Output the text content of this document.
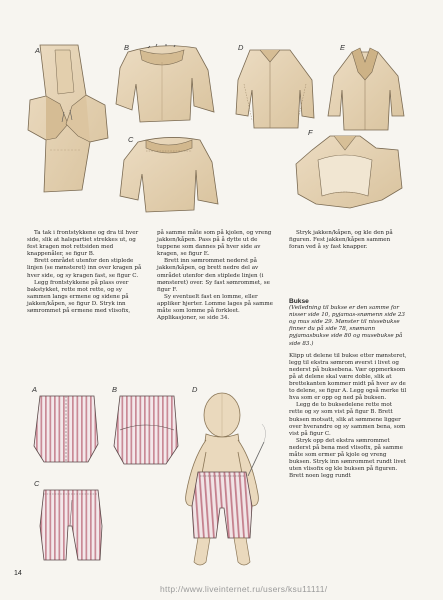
A	B
C
D	E
F
A	B
C
D

Ta tak i frontstykkene og dra til hver side, slik at halspartiet strekkes ut, og fest kragen mot rettsiden med knappenåler, se figur B.

Brett området utenfor den stiplede linjen (se mønsteret) inn over kragen på hver side, og sy kragen fast, se figur C.

Legg frontstykkene på plass over bakstykket, rette mot rette, og sy sammen langs ermene og sidene på jakken/kåpen, se figur D. Stryk inn sømrommet på ermene med vlisofix,

på samme måte som på kjolen, og vreng jakken/kåpen. Pass på å dytte ut de tuppene som dannes på hver side av kragen, se figur E.

Brett inn sømrommet nederst på jakken/kåpen, og brett nedre del av området utenfor den stiplede linjen (i mønsteret) over. Sy fast sømrommet, se figur F.

Sy eventuelt fast en lomme, eller appliker hjerter. Lomme lages på samme måte som lomme på forkleet. Applikasjoner, se side 34.

Stryk jakken/kåpen, og kle den på figuren. Fest jakken/kåpen sammen foran ved å sy fast knapper.

Bukse

(Veiledning til bukse er den samme for nisser side 10, pyjamas-snømenn side 23 og mus side 29. Mønster til nissebukse finner du på side 78, snømann pyjamasbukse side 80 og musebukse på side 83.)

Klipp ut delene til bukse etter mønsteret, legg til ekstra sømrom øverst i livet og nederst på buksebena. Vær oppmerksom på at delene skal være doble, slik at brettekanten kommer midt på hver av de to delene, se figur A. Legg også merke til hva som er opp og ned på buksen.

Legg de to buksedelene rette mot rette og sy som vist på figur B. Brett buksen motsatt, slik at sømmene ligger over hverandre og sy sammen bena, som vist på figur C.

Stryk opp det ekstra sømrommet nederst på bena med vlisofix, på samme måte som ermer på kjole og vreng buksen. Stryk inn sømrommet rundt livet uten vlisofix og kle buksen på figuren. Brett noen legg rundt

14
http://www.liveinternet.ru/users/ksu11111/
